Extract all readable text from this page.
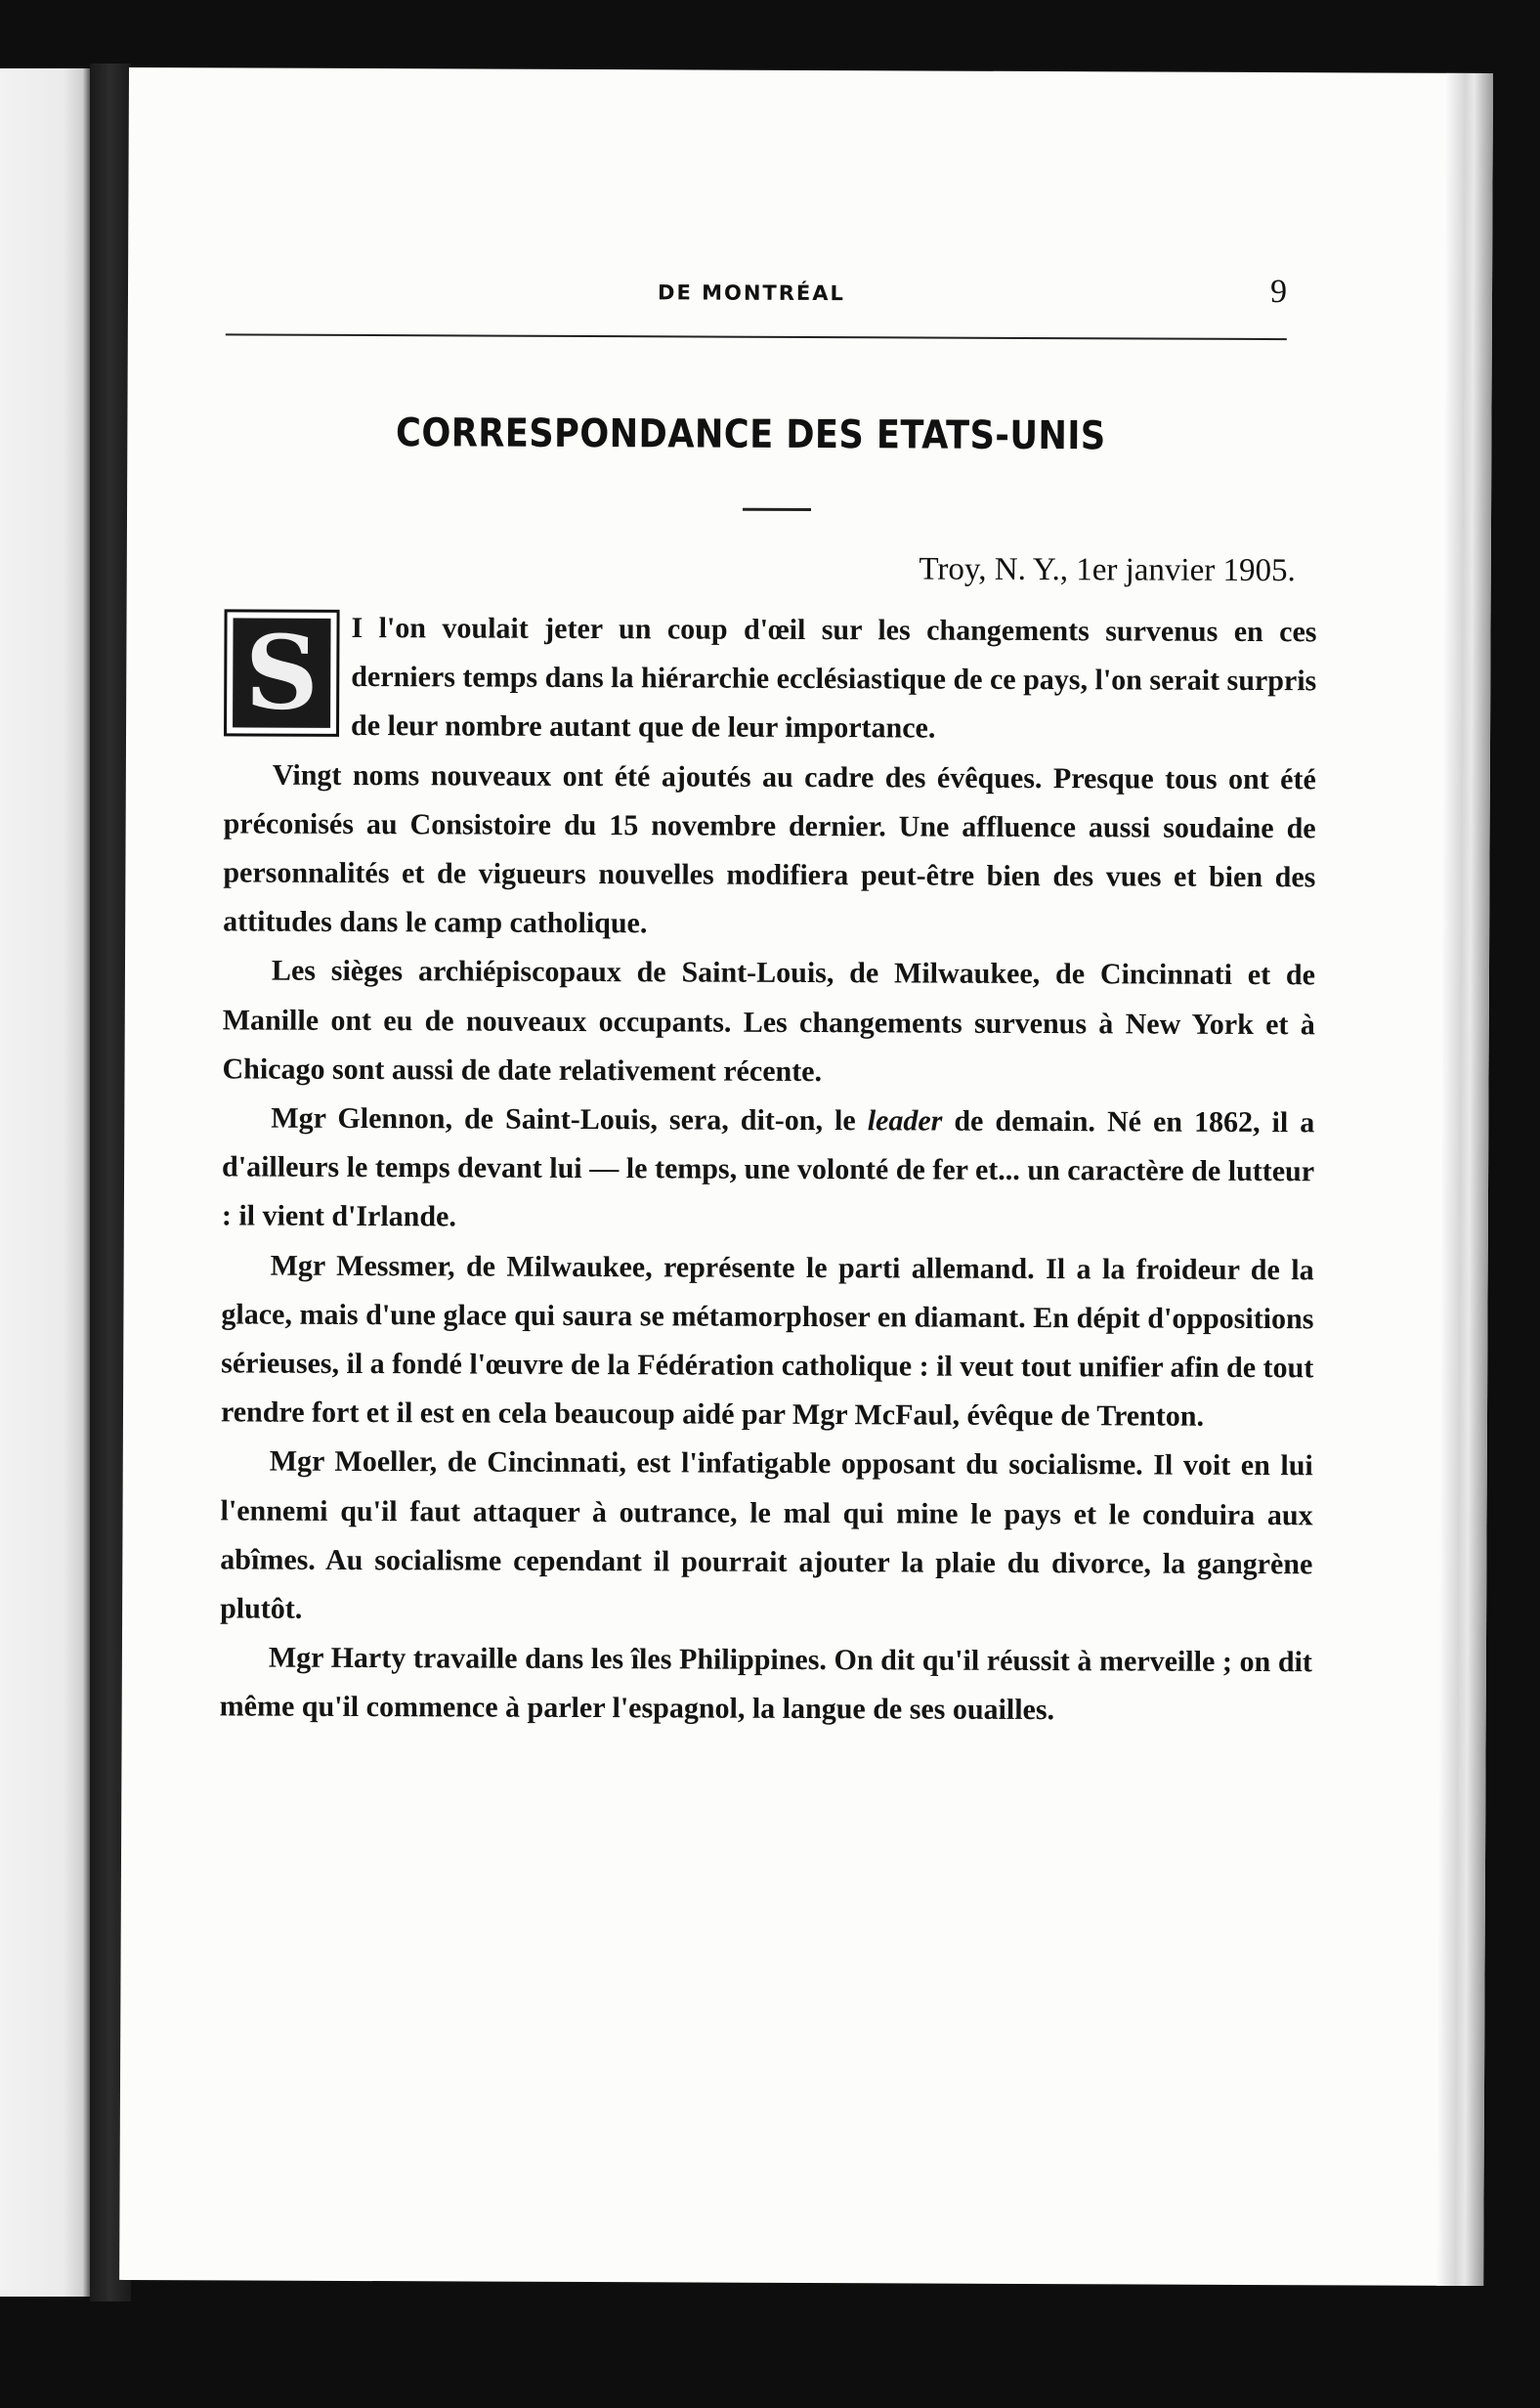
DE MONTRÉAL	9
CORRESPONDANCE DES ETATS-UNIS
Troy, N. Y., 1er janvier 1905.

S	I l'on voulait jeter un coup d'œil sur les changements survenus en ces derniers temps dans la hiérarchie ecclésiastique de ce pays, l'on serait surpris de leur nombre autant que de leur importance.

Vingt noms nouveaux ont été ajoutés au cadre des évêques. Presque tous ont été préconisés au Consistoire du 15 novembre dernier. Une affluence aussi soudaine de personnalités et de vigueurs nouvelles modifiera peut-être bien des vues et bien des attitudes dans le camp catholique.

Les sièges archiépiscopaux de Saint-Louis, de Milwaukee, de Cincinnati et de Manille ont eu de nouveaux occupants. Les changements survenus à New York et à Chicago sont aussi de date relativement récente.

Mgr Glennon, de Saint-Louis, sera, dit-on, le leader de demain. Né en 1862, il a d'ailleurs le temps devant lui — le temps, une volonté de fer et... un caractère de lutteur : il vient d'Irlande.

Mgr Messmer, de Milwaukee, représente le parti allemand. Il a la froideur de la glace, mais d'une glace qui saura se métamorphoser en diamant. En dépit d'oppositions sérieuses, il a fondé l'œuvre de la Fédération catholique : il veut tout unifier afin de tout rendre fort et il est en cela beaucoup aidé par Mgr McFaul, évêque de Trenton.

Mgr Moeller, de Cincinnati, est l'infatigable opposant du socialisme. Il voit en lui l'ennemi qu'il faut attaquer à outrance, le mal qui mine le pays et le conduira aux abîmes. Au socialisme cependant il pourrait ajouter la plaie du divorce, la gangrène plutôt.

Mgr Harty travaille dans les îles Philippines. On dit qu'il réussit à merveille ; on dit même qu'il commence à parler l'espagnol, la langue de ses ouailles.
